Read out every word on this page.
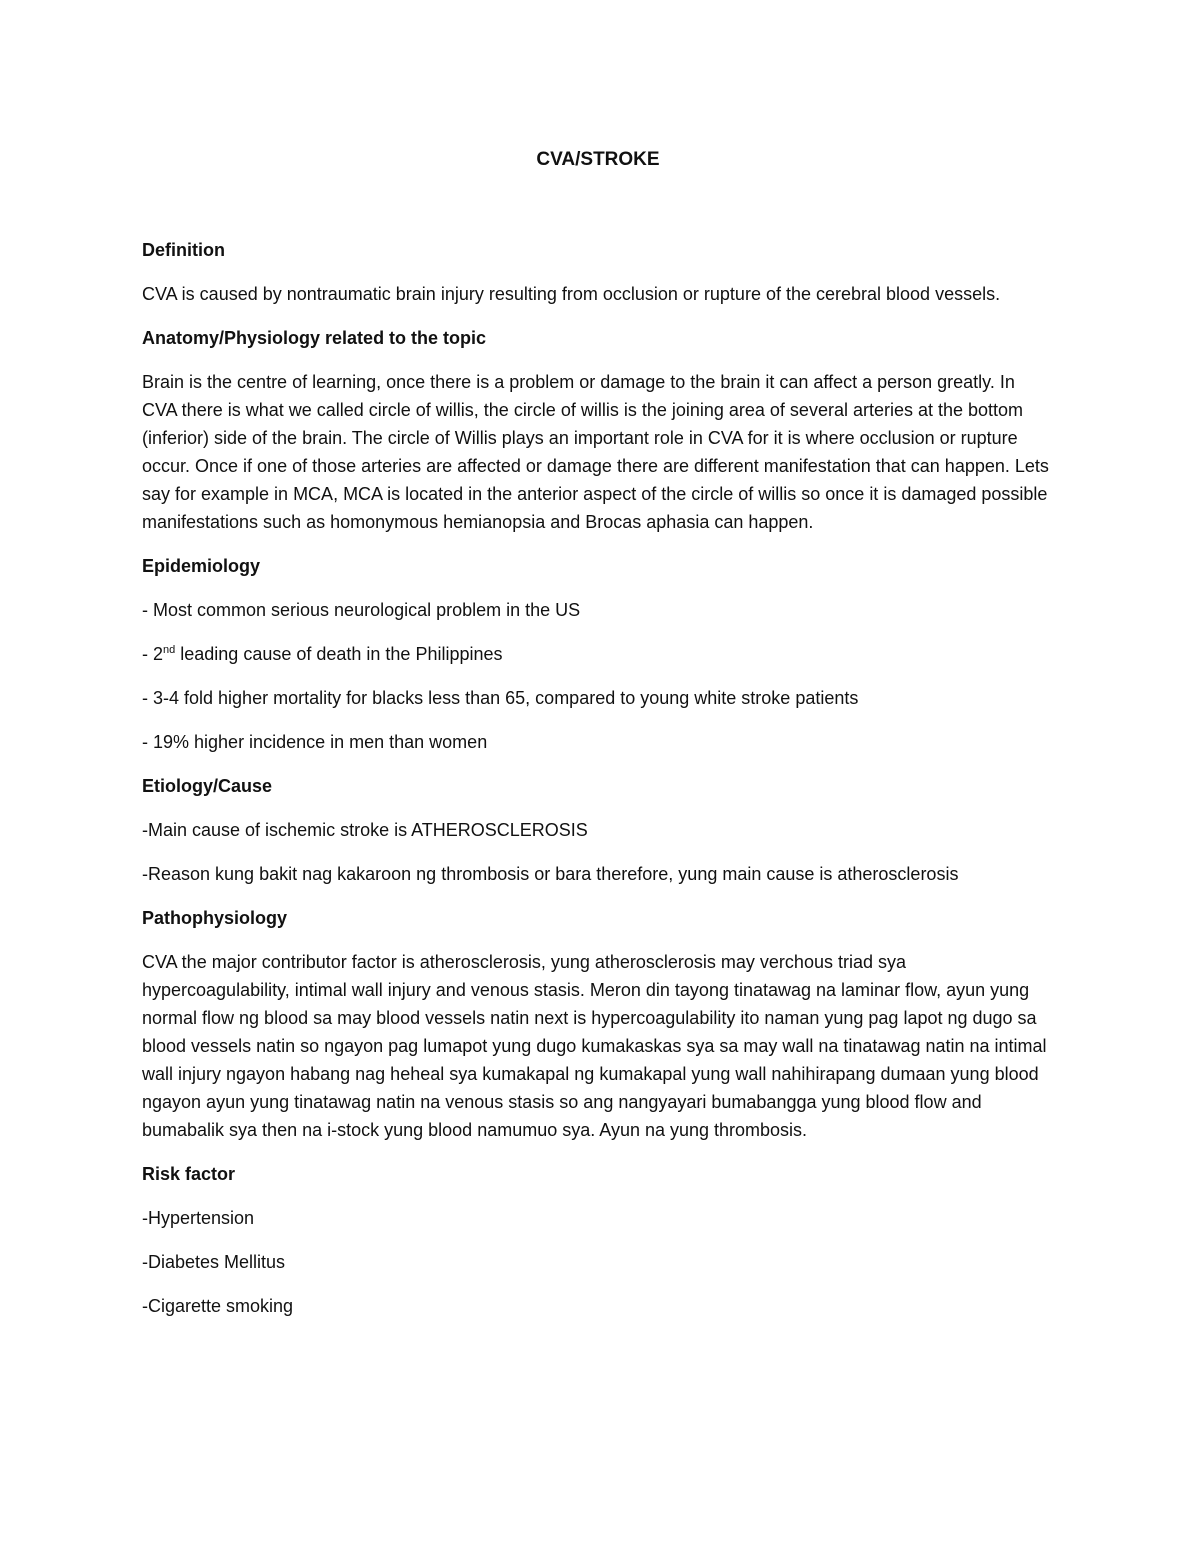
CVA/STROKE
Definition
CVA is caused by nontraumatic brain injury resulting from occlusion or rupture of the cerebral blood vessels.
Anatomy/Physiology related to the topic
Brain is the centre of learning, once there is a problem or damage to the brain it can affect a person greatly. In CVA there is what we called circle of willis, the circle of willis is the joining area of several arteries at the bottom (inferior) side of the brain. The circle of Willis plays an important role in CVA for it is where occlusion or rupture occur. Once if one of those arteries are affected or damage there are different manifestation that can happen. Lets say for example in MCA, MCA is located in the anterior aspect of the circle of willis so once it is damaged possible manifestations such as homonymous hemianopsia and Brocas aphasia can happen.
Epidemiology
- Most common serious neurological problem in the US
- 2nd leading cause of death in the Philippines
- 3-4 fold higher mortality for blacks less than 65, compared to young white stroke patients
- 19% higher incidence in men than women
Etiology/Cause
-Main cause of ischemic stroke is ATHEROSCLEROSIS
-Reason kung bakit nag kakaroon ng thrombosis or bara therefore, yung main cause is atherosclerosis
Pathophysiology
CVA the major contributor factor is atherosclerosis, yung atherosclerosis may verchous triad sya hypercoagulability, intimal wall injury and venous stasis. Meron din tayong tinatawag na laminar flow, ayun yung normal flow ng blood sa may blood vessels natin next is hypercoagulability ito naman yung pag lapot ng dugo sa blood vessels natin so ngayon pag lumapot yung dugo kumakaskas sya sa may wall na tinatawag natin na intimal wall injury ngayon habang nag heheal sya kumakapal ng kumakapal yung wall nahihirapang dumaan yung blood ngayon ayun yung tinatawag natin na venous stasis so ang nangyayari bumabangga yung blood flow and bumabalik sya then na i-stock yung blood namumuo sya. Ayun na yung thrombosis.
Risk factor
-Hypertension
-Diabetes Mellitus
-Cigarette smoking
